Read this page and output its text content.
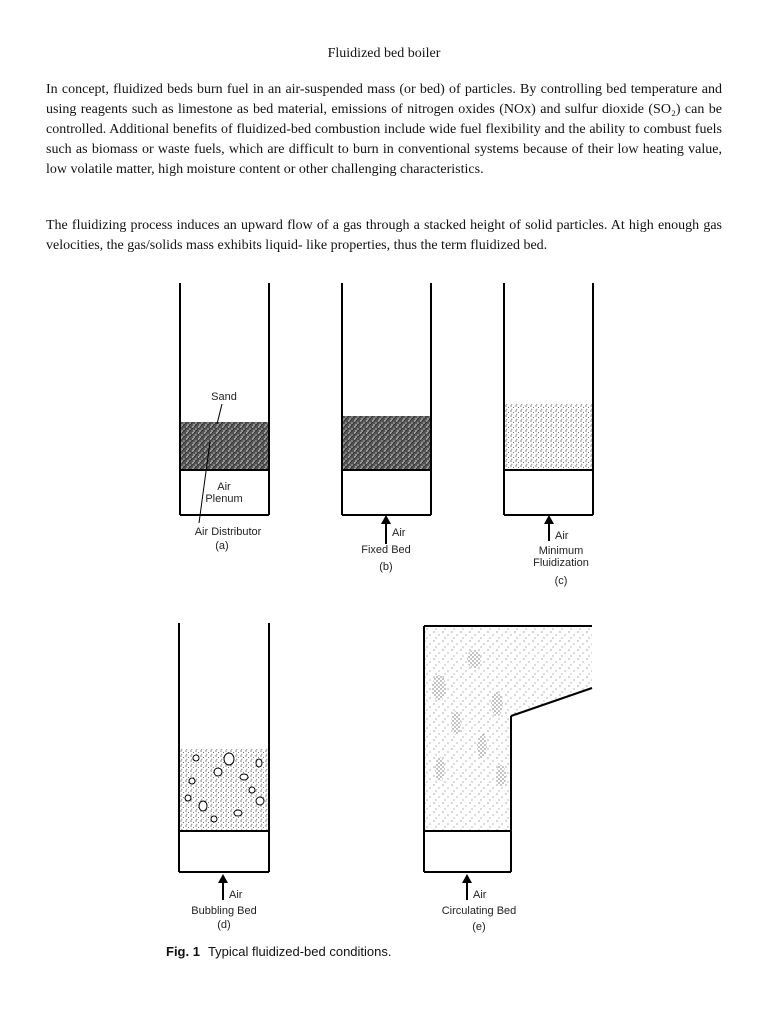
Fluidized bed boiler

In concept, fluidized beds burn fuel in an air-suspended mass (or bed) of particles. By controlling bed temperature and using reagents such as limestone as bed material, emissions of nitrogen oxides (NOx) and sulfur dioxide (SO₂) can be controlled. Additional benefits of fluidized-bed combustion include wide fuel flexibility and the ability to combust fuels such as biomass or waste fuels, which are difficult to burn in conventional systems because of their low heating value, low volatile matter, high moisture content or other challenging characteristics.

The fluidizing process induces an upward flow of a gas through a stacked height of solid particles. At high enough gas velocities, the gas/solids mass exhibits liquid- like properties, thus the term fluidized bed.

Sand
Air
Plenum
Air Distributor
(a)
Air
Fixed Bed
(b)
Air
Minimum
Fluidization
(c)
Air
Bubbling Bed
(d)
Air
Circulating Bed
(e)
Fig. 1 Typical fluidized-bed conditions.
